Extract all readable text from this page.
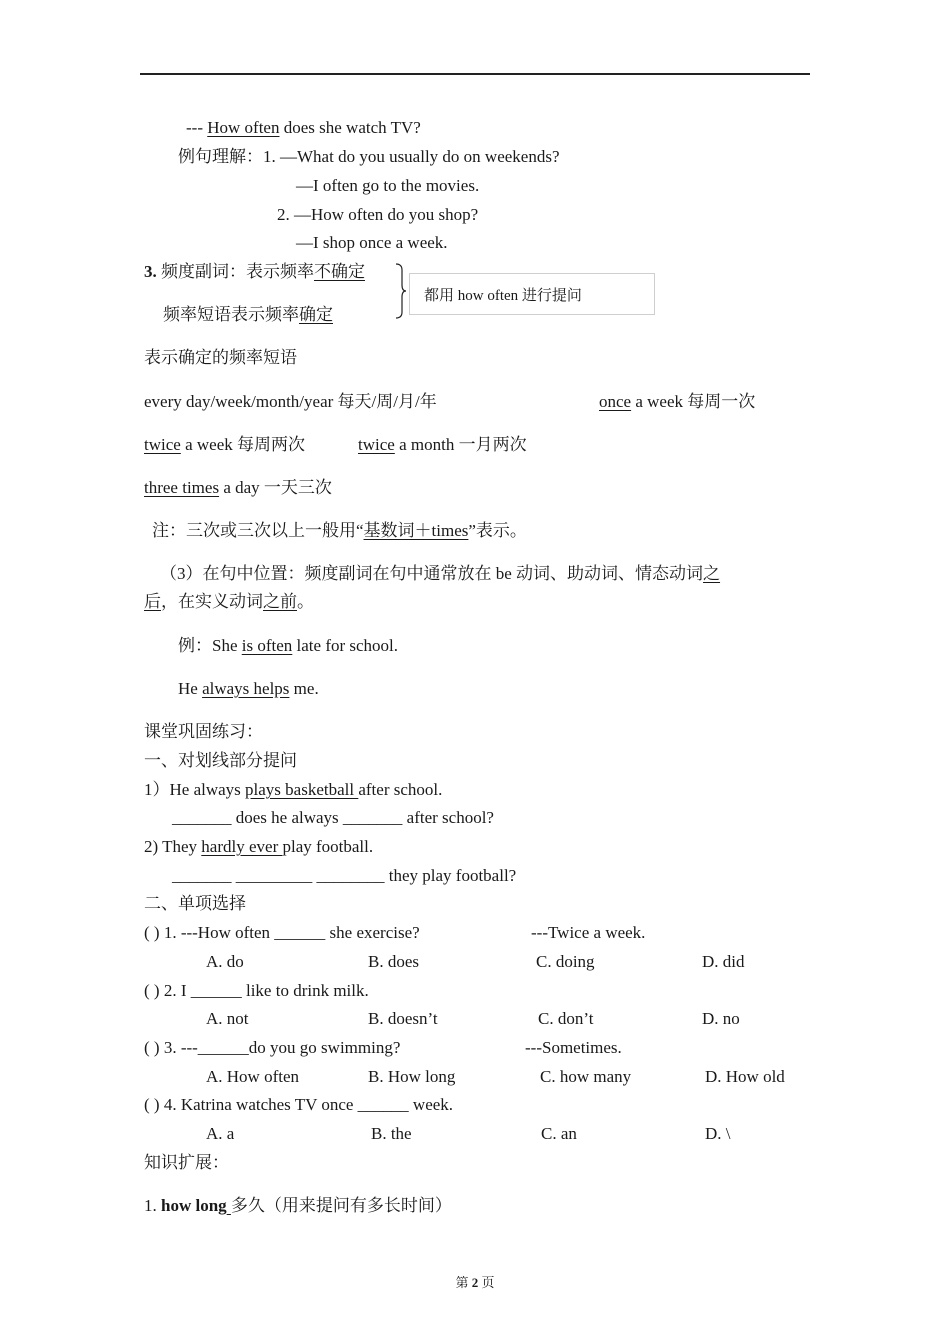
--- How often does she watch TV?
例句理解：1. —What do you usually do on weekends?
—I often go to the movies.
2. —How often do you shop?
—I shop once a week.
3. 频度副词：表示频率不确定
频率短语表示频率确定
都用 how often 进行提问
表示确定的频率短语
every day/week/month/year 每天/周/月/年	once a week 每周一次
twice a week 每周两次	twice a month 一月两次
three times a day 一天三次
注：三次或三次以上一般用“基数词＋times”表示。
（3）在句中位置：频度副词在句中通常放在 be 动词、助动词、情态动词之
后，在实义动词之前。
例：She is often late for school.
He always helps me.
课堂巩固练习：
一、对划线部分提问
1）He always plays basketball after school.
_______ does he always _______ after school?
2) They hardly ever play football.
_______ _________ ________ they play football?
二、单项选择
( ) 1. ---How often ______ she exercise?	---Twice a week.
A. do	B. does	C. doing	D. did
( ) 2. I ______ like to drink milk.
A. not	B. doesn’t	C. don’t	D. no
( ) 3. ---______do you go swimming?	---Sometimes.
A. How often	B. How long	C. how many	D. How old
( ) 4. Katrina watches TV once ______ week.
A. a	B. the	C. an	D. \
知识扩展：
1. how long 多久（用来提问有多长时间）
第 2 页
